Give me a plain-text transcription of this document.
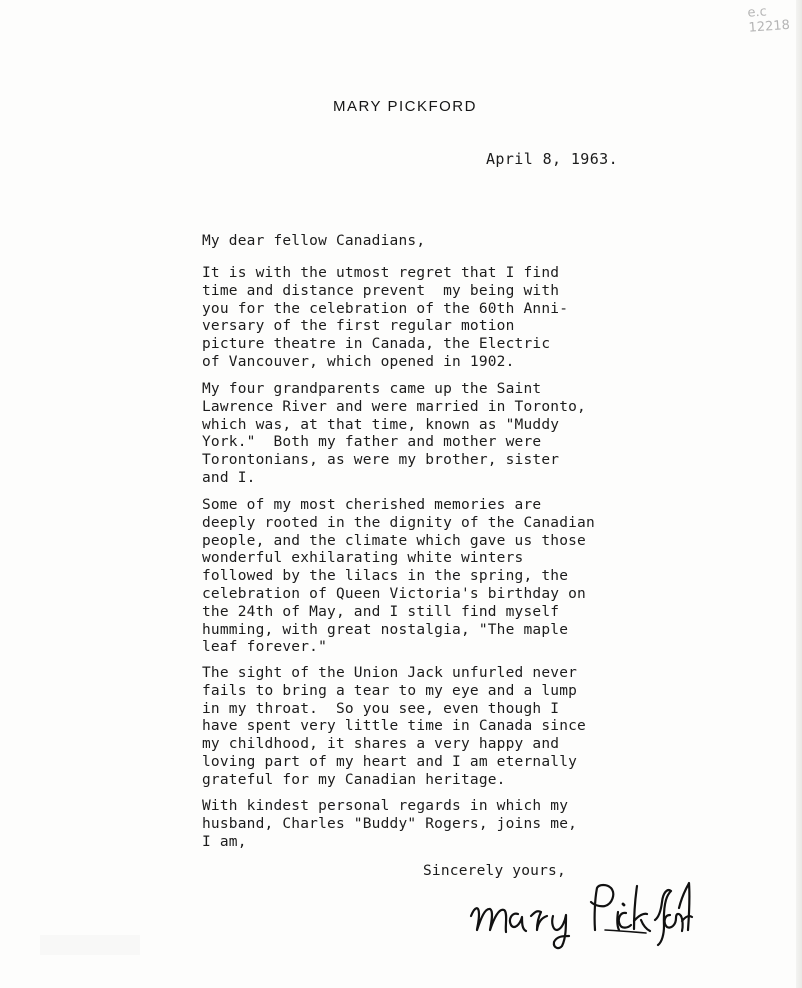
e.c
12218
MARY PICKFORD
April 8, 1963.
My dear fellow Canadians,
It is with the utmost regret that I find
time and distance prevent  my being with
you for the celebration of the 60th Anni-
versary of the first regular motion
picture theatre in Canada, the Electric
of Vancouver, which opened in 1902.
My four grandparents came up the Saint
Lawrence River and were married in Toronto,
which was, at that time, known as "Muddy
York."  Both my father and mother were
Torontonians, as were my brother, sister
and I.
Some of my most cherished memories are
deeply rooted in the dignity of the Canadian
people, and the climate which gave us those
wonderful exhilarating white winters
followed by the lilacs in the spring, the
celebration of Queen Victoria's birthday on
the 24th of May, and I still find myself
humming, with great nostalgia, "The maple
leaf forever."
The sight of the Union Jack unfurled never
fails to bring a tear to my eye and a lump
in my throat.  So you see, even though I
have spent very little time in Canada since
my childhood, it shares a very happy and
loving part of my heart and I am eternally
grateful for my Canadian heritage.
With kindest personal regards in which my
husband, Charles "Buddy" Rogers, joins me,
I am,
Sincerely yours,
